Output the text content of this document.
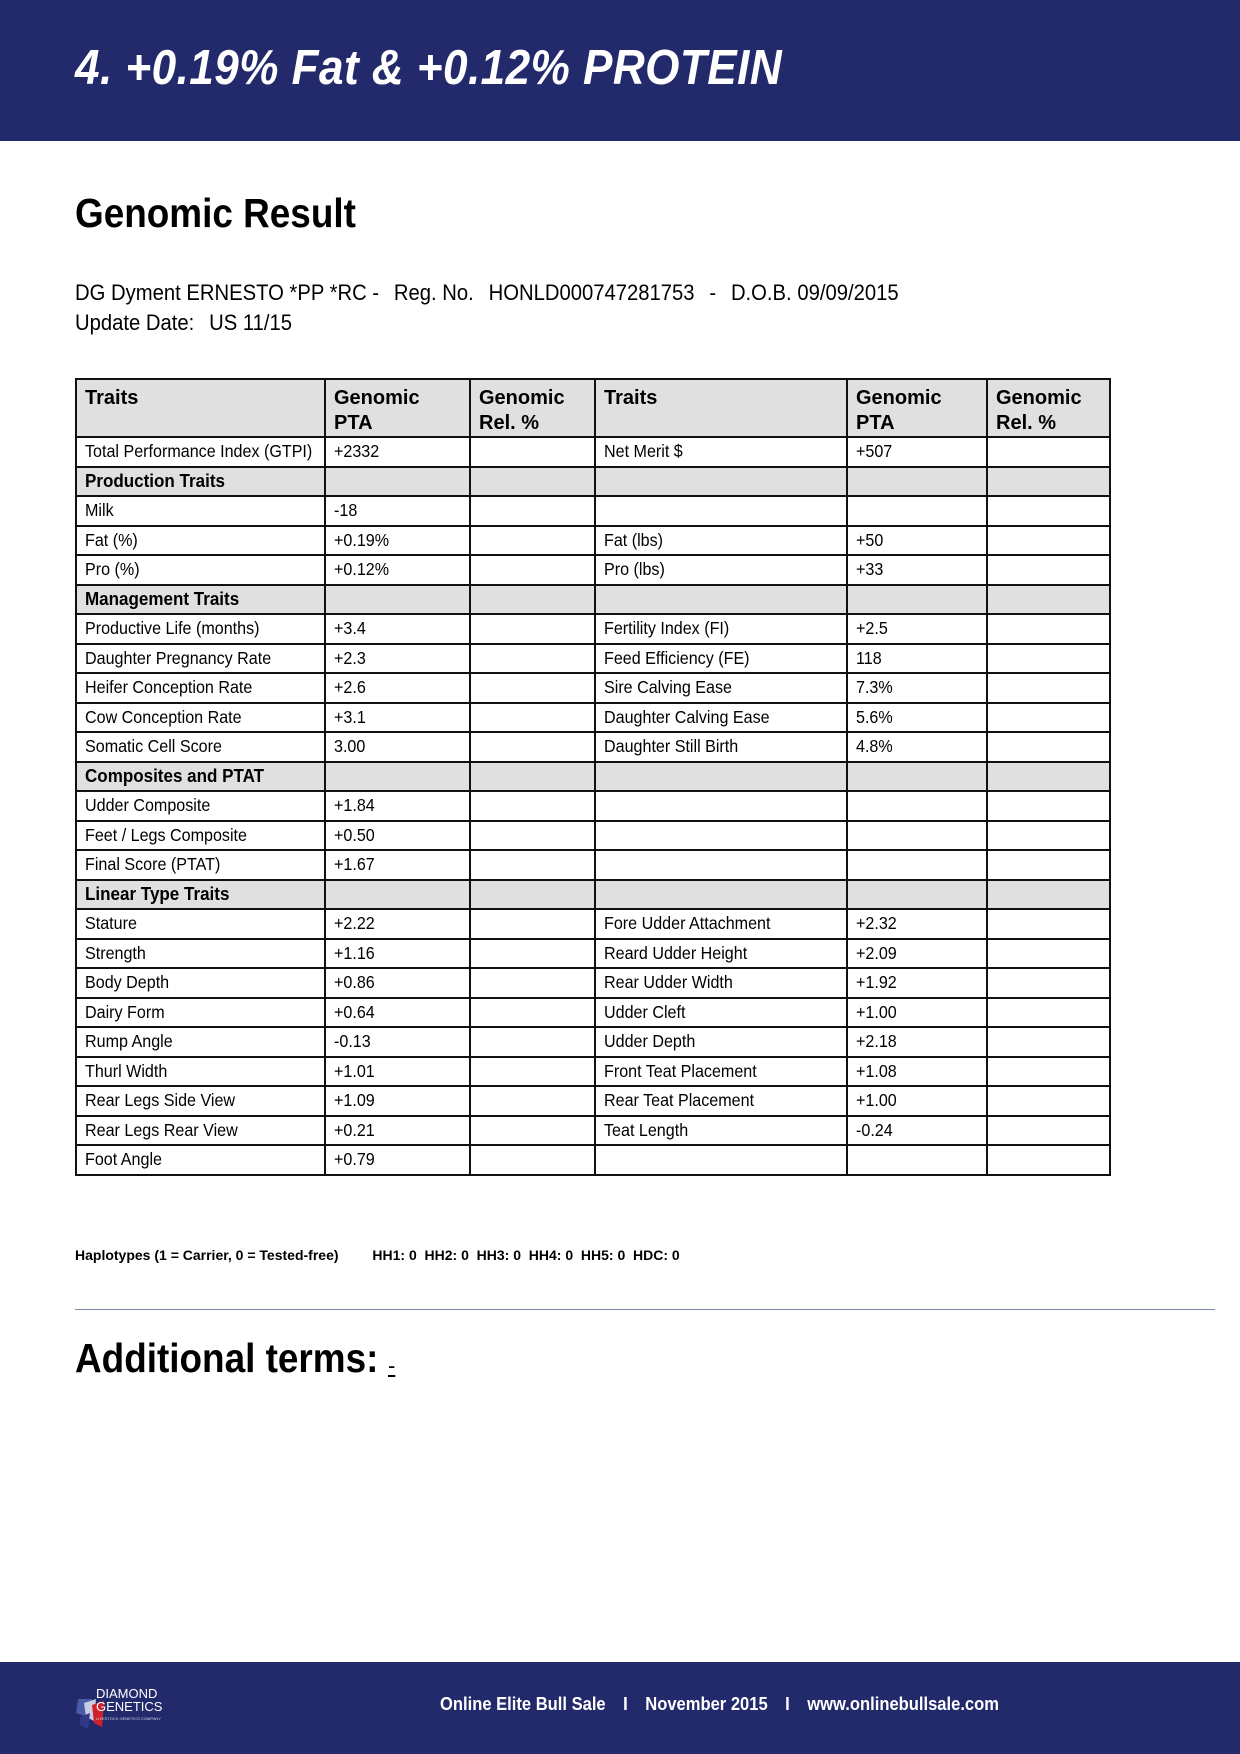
4. +0.19% Fat & +0.12% PROTEIN
Genomic Result
DG Dyment ERNESTO *PP *RC - Reg. No. HONLD000747281753 - D.O.B. 09/09/2015
Update Date: US 11/15
Traits	Genomic PTA	Genomic Rel. %	Traits	Genomic PTA	Genomic Rel. %
Total Performance Index (GTPI)	+2332		Net Merit $	+507	
Production Traits					
Milk	-18				
Fat (%)	+0.19%		Fat (lbs)	+50	
Pro (%)	+0.12%		Pro (lbs)	+33	
Management Traits					
Productive Life (months)	+3.4		Fertility Index (FI)	+2.5	
Daughter Pregnancy Rate	+2.3		Feed Efficiency (FE)	118	
Heifer Conception Rate	+2.6		Sire Calving Ease	7.3%	
Cow Conception Rate	+3.1		Daughter Calving Ease	5.6%	
Somatic Cell Score	3.00		Daughter Still Birth	4.8%	
Composites and PTAT					
Udder Composite	+1.84				
Feet / Legs Composite	+0.50				
Final Score (PTAT)	+1.67				
Linear Type Traits					
Stature	+2.22		Fore Udder Attachment	+2.32	
Strength	+1.16		Reard Udder Height	+2.09	
Body Depth	+0.86		Rear Udder Width	+1.92	
Dairy Form	+0.64		Udder Cleft	+1.00	
Rump Angle	-0.13		Udder Depth	+2.18	
Thurl Width	+1.01		Front Teat Placement	+1.08	
Rear Legs Side View	+1.09		Rear Teat Placement	+1.00	
Rear Legs Rear View	+0.21		Teat Length	-0.24	
Foot Angle	+0.79				
Haplotypes (1 = Carrier, 0 = Tested-free) HH1: 0  HH2: 0  HH3: 0  HH4: 0  HH5: 0  HDC: 0
Additional terms: -
DIAMOND
GENETICS
LIVESTOCK GENETICS COMPANY
Online Elite Bull Sale I November 2015 I www.onlinebullsale.com
